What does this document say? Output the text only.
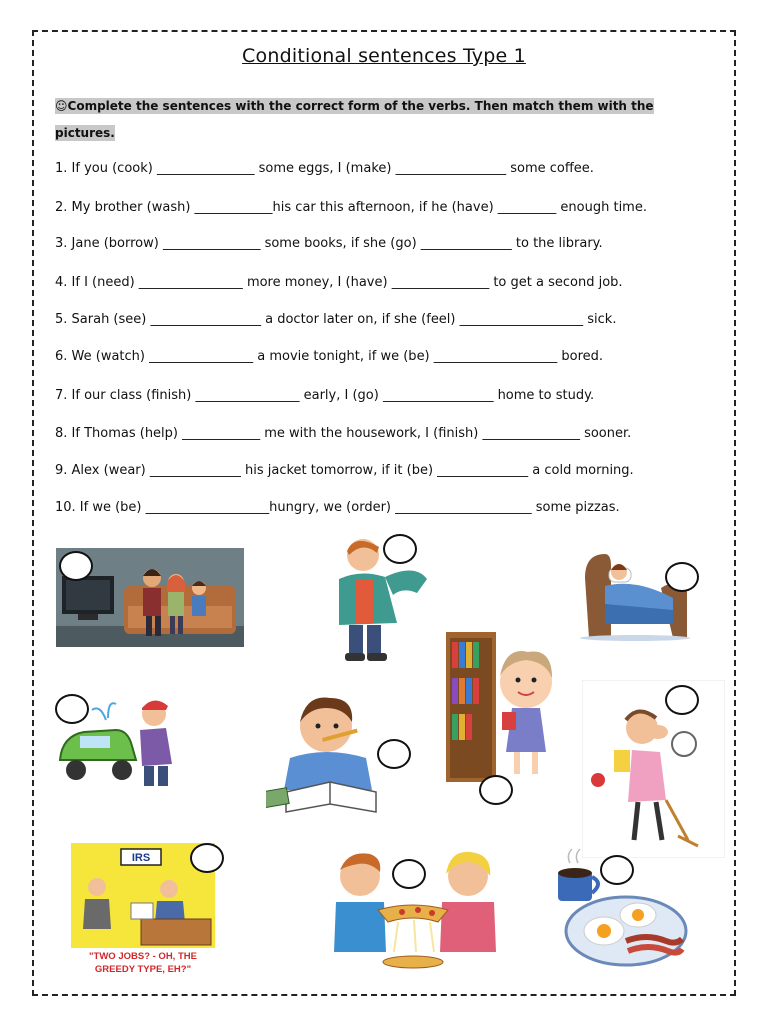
Conditional sentences Type 1
☺Complete the sentences with the correct form of the verbs. Then match them with the pictures.
1. If you (cook) _______________ some eggs, I (make) _________________ some coffee.
2. My brother (wash) ____________his car this afternoon, if he (have) _________ enough time.
3. Jane (borrow) _______________ some books, if she (go) ______________ to the library.
4. If I (need) ________________ more money, I (have) _______________ to get a second job.
5. Sarah (see) _________________ a doctor later on, if she (feel) ___________________ sick.
6. We (watch) ________________ a movie tonight, if we (be) ___________________ bored.
7. If our class (finish) ________________ early, I (go) _________________ home to study.
8. If Thomas (help) ____________ me with the housework, I (finish) _______________ sooner.
9. Alex (wear) ______________ his jacket tomorrow, if it (be) ______________ a cold morning.
10. If we (be) ___________________hungry, we (order) _____________________ some pizzas.
IRS
"TWO JOBS? - OH, THE
GREEDY TYPE, EH?"
